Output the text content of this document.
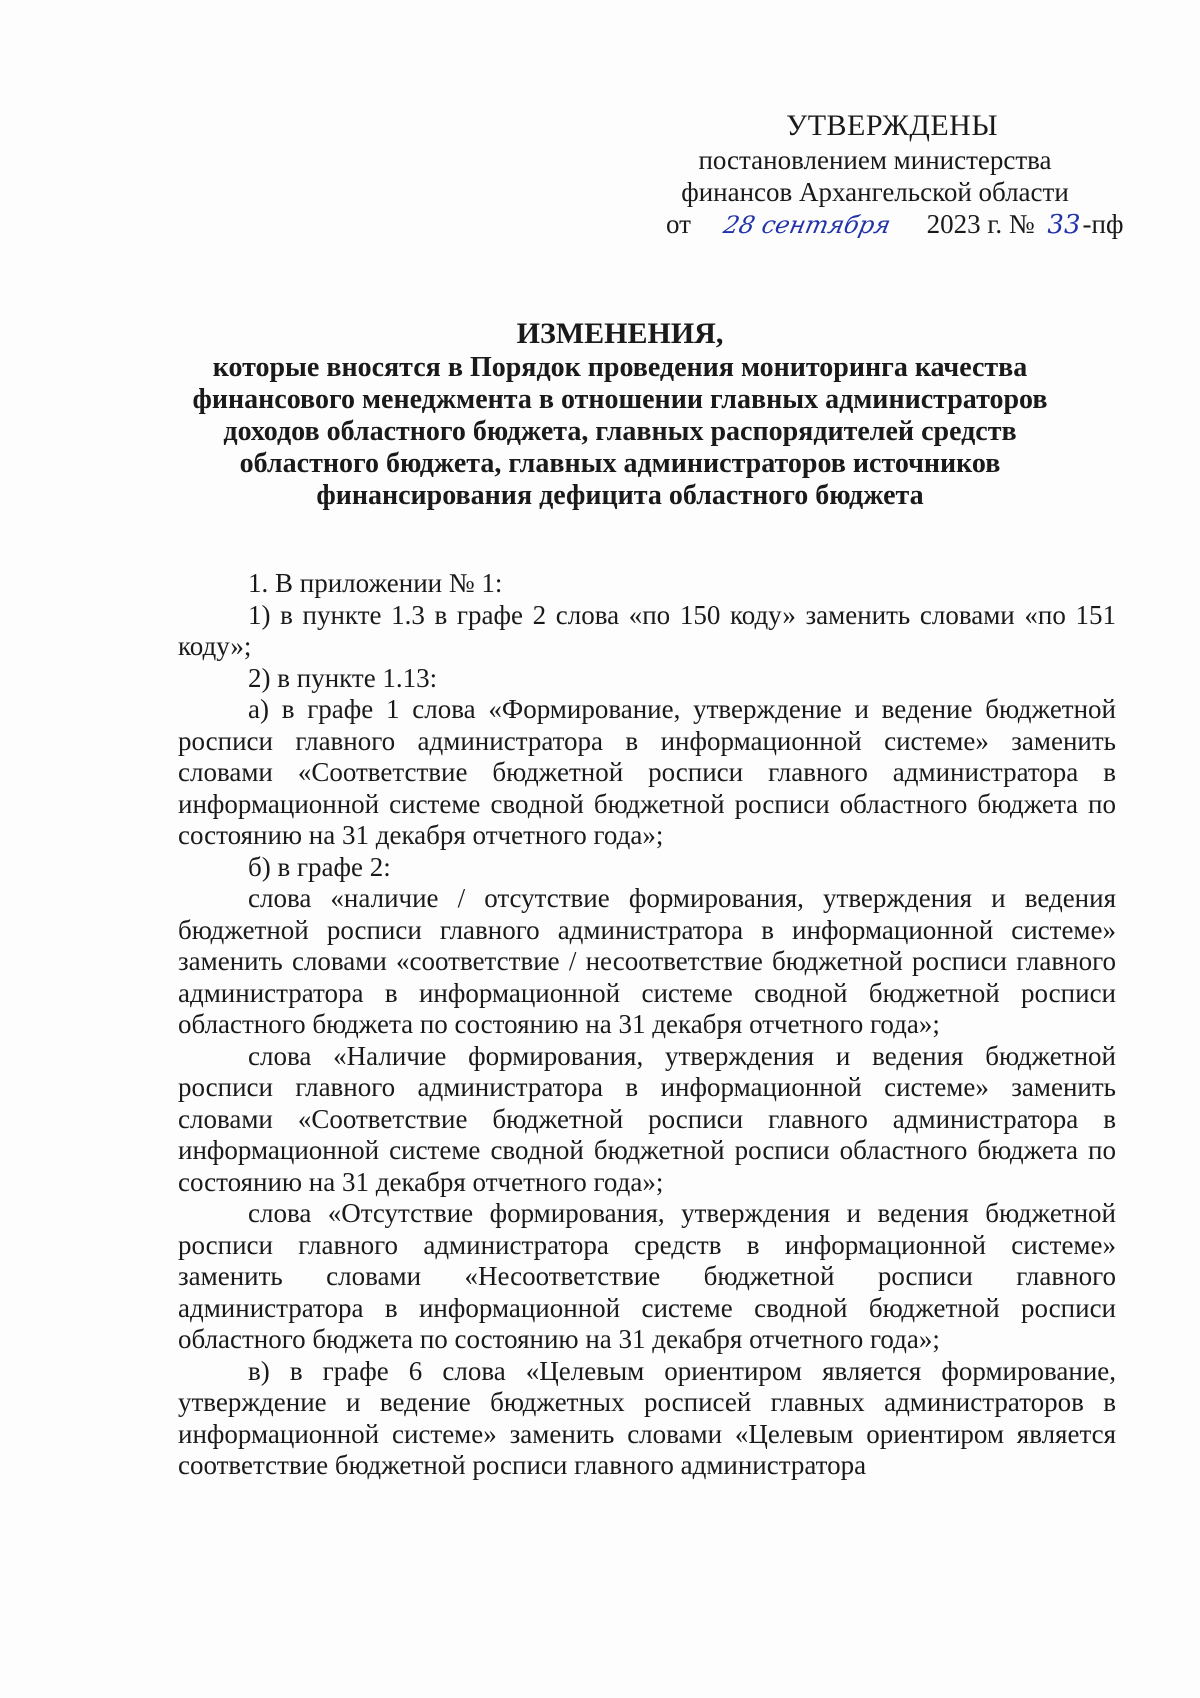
УТВЕРЖДЕНЫ
постановлением министерства
финансов Архангельской области
от 28 сентября 2023 г. № 33-пф
ИЗМЕНЕНИЯ,
которые вносятся в Порядок проведения мониторинга качества
финансового менеджмента в отношении главных администраторов
доходов областного бюджета, главных распорядителей средств
областного бюджета, главных администраторов источников
финансирования дефицита областного бюджета

1. В приложении № 1:

1) в пункте 1.3 в графе 2 слова «по 150 коду» заменить словами «по 151 коду»;

2) в пункте 1.13:

а) в графе 1 слова «Формирование, утверждение и ведение бюджетной росписи главного администратора в информационной системе» заменить словами «Соответствие бюджетной росписи главного администратора в информационной системе сводной бюджетной росписи областного бюджета по состоянию на 31 декабря отчетного года»;

б) в графе 2:

слова «наличие / отсутствие формирования, утверждения и ведения бюджетной росписи главного администратора в информационной системе» заменить словами «соответствие / несоответствие бюджетной росписи главного администратора в информационной системе сводной бюджетной росписи областного бюджета по состоянию на 31 декабря отчетного года»;

слова «Наличие формирования, утверждения и ведения бюджетной росписи главного администратора в информационной системе» заменить словами «Соответствие бюджетной росписи главного администратора в информационной системе сводной бюджетной росписи областного бюджета по состоянию на 31 декабря отчетного года»;

слова «Отсутствие формирования, утверждения и ведения бюджетной росписи главного администратора средств в информационной системе» заменить словами «Несоответствие бюджетной росписи главного администратора в информационной системе сводной бюджетной росписи областного бюджета по состоянию на 31 декабря отчетного года»;

в) в графе 6 слова «Целевым ориентиром является формирование, утверждение и ведение бюджетных росписей главных администраторов в информационной системе» заменить словами «Целевым ориентиром является соответствие бюджетной росписи главного администратора
